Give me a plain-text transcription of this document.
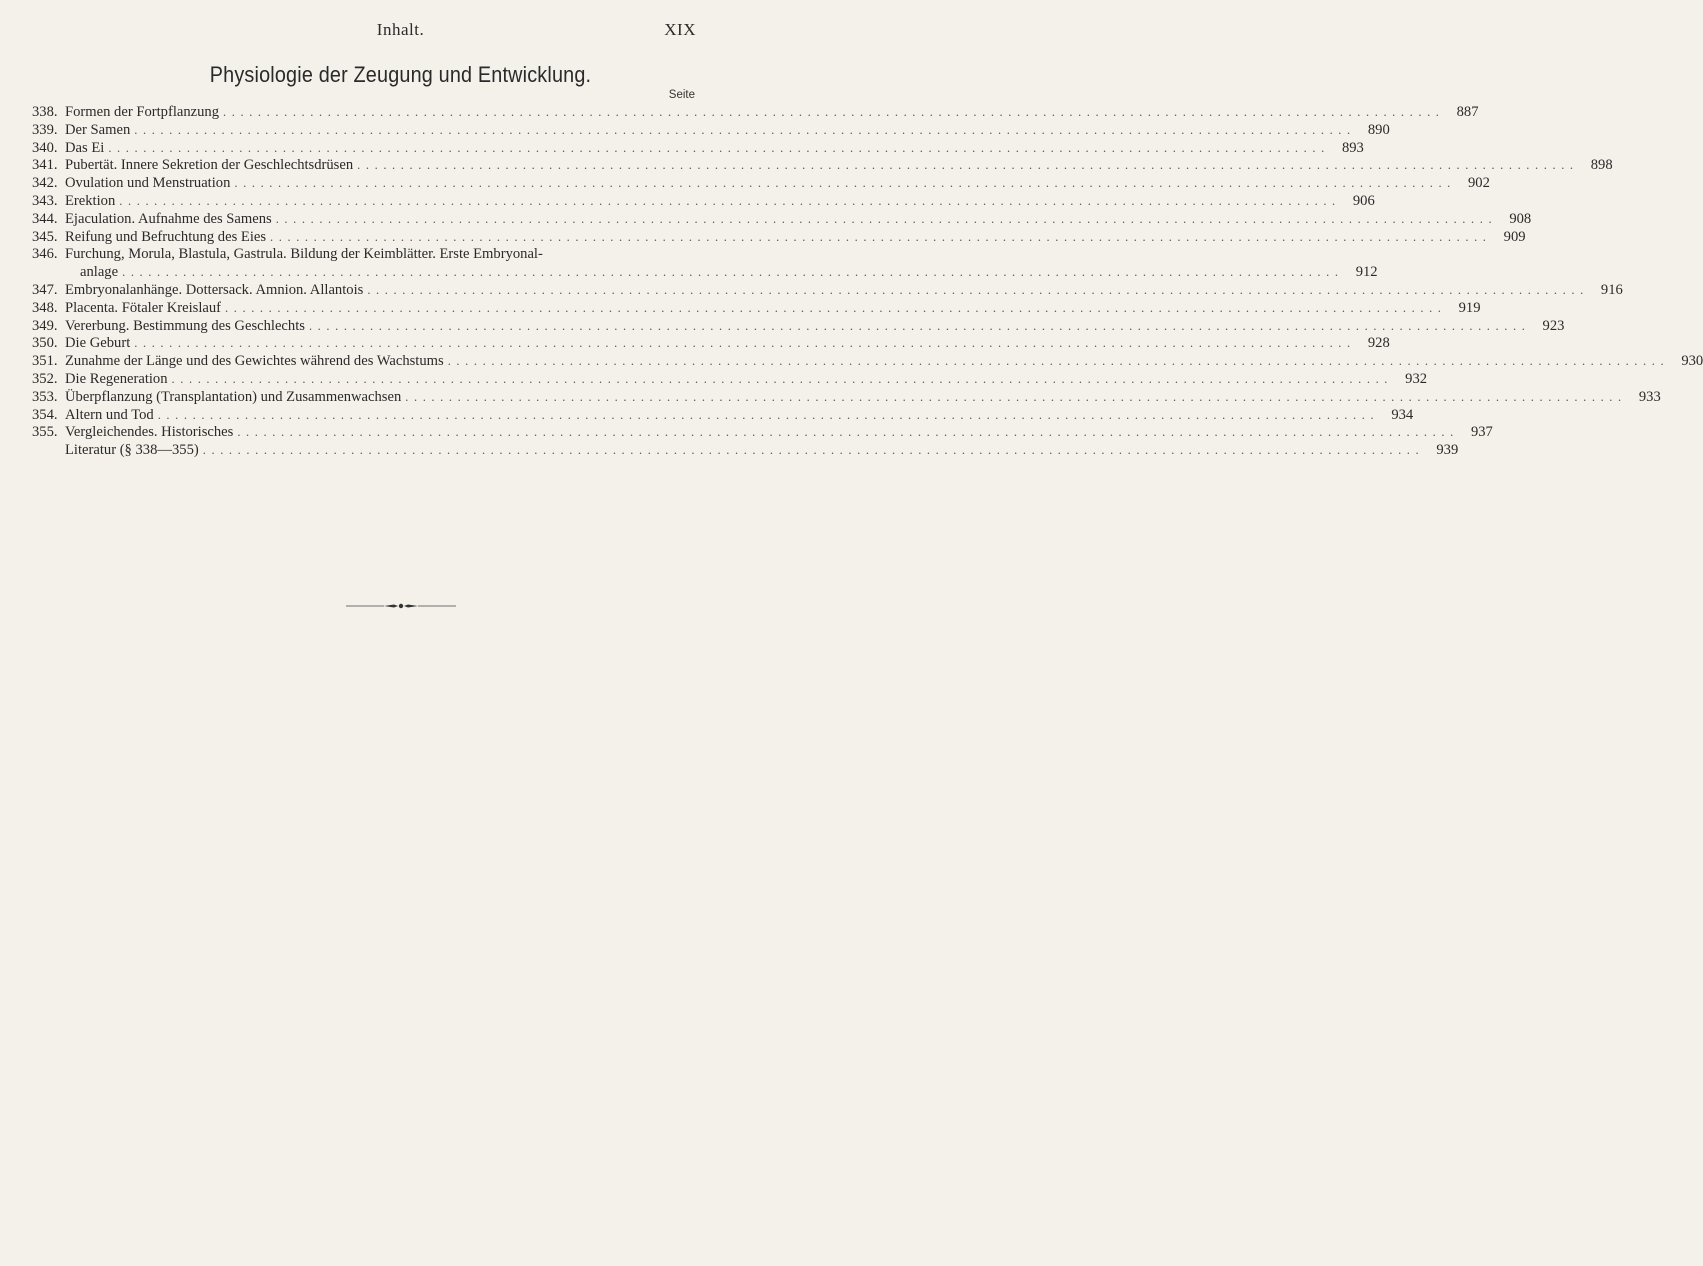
Inhalt.	XIX
Physiologie der Zeugung und Entwicklung.
Seite
338. Formen der Fortpflanzung ............................................................................................................................................ 887
339. Der Samen ............................................................................................................................................ 890
340. Das Ei ............................................................................................................................................ 893
341. Pubertät. Innere Sekretion der Geschlechtsdrüsen ............................................................................................................................................ 898
342. Ovulation und Menstruation ............................................................................................................................................ 902
343. Erektion ............................................................................................................................................ 906
344. Ejaculation. Aufnahme des Samens ............................................................................................................................................ 908
345. Reifung und Befruchtung des Eies ............................................................................................................................................ 909
346. Furchung, Morula, Blastula, Gastrula. Bildung der Keimblätter. Erste Embryonal-
anlage ............................................................................................................................................ 912
347. Embryonalanhänge. Dottersack. Amnion. Allantois ............................................................................................................................................ 916
348. Placenta. Fötaler Kreislauf ............................................................................................................................................ 919
349. Vererbung. Bestimmung des Geschlechts ............................................................................................................................................ 923
350. Die Geburt ............................................................................................................................................ 928
351. Zunahme der Länge und des Gewichtes während des Wachstums ............................................................................................................................................ 930
352. Die Regeneration ............................................................................................................................................ 932
353. Überpflanzung (Transplantation) und Zusammenwachsen ............................................................................................................................................ 933
354. Altern und Tod ............................................................................................................................................ 934
355. Vergleichendes. Historisches ............................................................................................................................................ 937
Literatur (§ 338—355) ............................................................................................................................................ 939
